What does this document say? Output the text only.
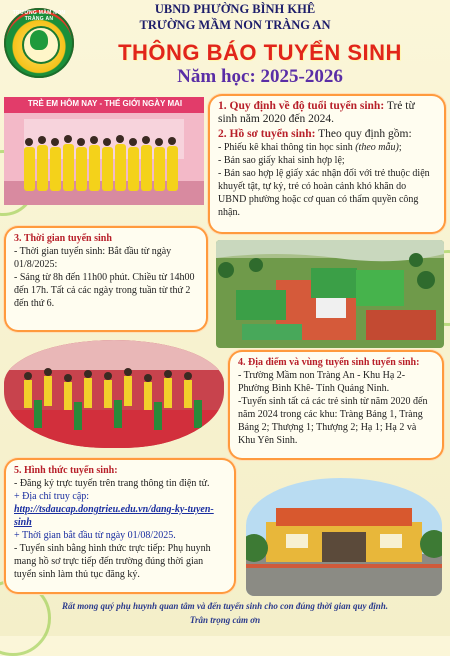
TRƯỜNG MẦM NON TRÀNG AN
UBND PHƯỜNG BÌNH KHÊ
TRƯỜNG MẦM NON TRÀNG AN
THÔNG BÁO TUYỂN SINH
Năm học: 2025-2026
TRẺ EM HÔM NAY - THẾ GIỚI NGÀY MAI	1. Quy định về độ tuổi tuyển sinh: Trẻ từ sinh năm 2020 đến 2024.

2. Hồ sơ tuyển sinh: Theo quy định gồm:

- Phiếu kê khai thông tin học sinh (theo mẫu);

- Bản sao giấy khai sinh hợp lệ;

- Bản sao hợp lệ giấy xác nhận đối với trẻ thuộc diện khuyết tật, tự kỷ, trẻ có hoàn cảnh khó khăn do UBND phường hoặc cơ quan có thẩm quyền công nhận.

3. Thời gian tuyển sinh

- Thời gian tuyển sinh: Bắt đầu từ ngày 01/8/2025:

- Sáng từ 8h đến 11h00 phút. Chiều từ 14h00 đến 17h. Tất cả các ngày trong tuần từ thứ 2 đến thứ 6.

4. Địa điểm và vùng tuyển sinh tuyển sinh:

- Trường Mầm non Tràng An - Khu Hạ 2- Phường Bình Khê- Tỉnh Quảng Ninh.

-Tuyển sinh tất cả các trẻ sinh từ năm 2020 đến năm 2024 trong các khu: Tràng Bảng 1, Tràng Bảng 2; Thượng 1; Thượng 2; Hạ 1; Hạ 2 và Khu Yên Sinh.

5. Hình thức tuyển sinh:

- Đăng ký trực tuyến trên trang thông tin điện tử.

+ Địa chỉ truy cập:

http://tsdaucap.dongtrieu.edu.vn/dang-ky-tuyen-sinh

+ Thời gian bắt đầu từ ngày 01/08/2025.

- Tuyển sinh bằng hình thức trực tiếp: Phụ huynh mang hồ sơ trực tiếp đến trường đúng thời gian tuyển sinh làm thủ tục đăng ký.

Rất mong quý phụ huynh quan tâm và đến tuyển sinh cho con đúng thời gian quy định.
Trân trọng cảm ơn
